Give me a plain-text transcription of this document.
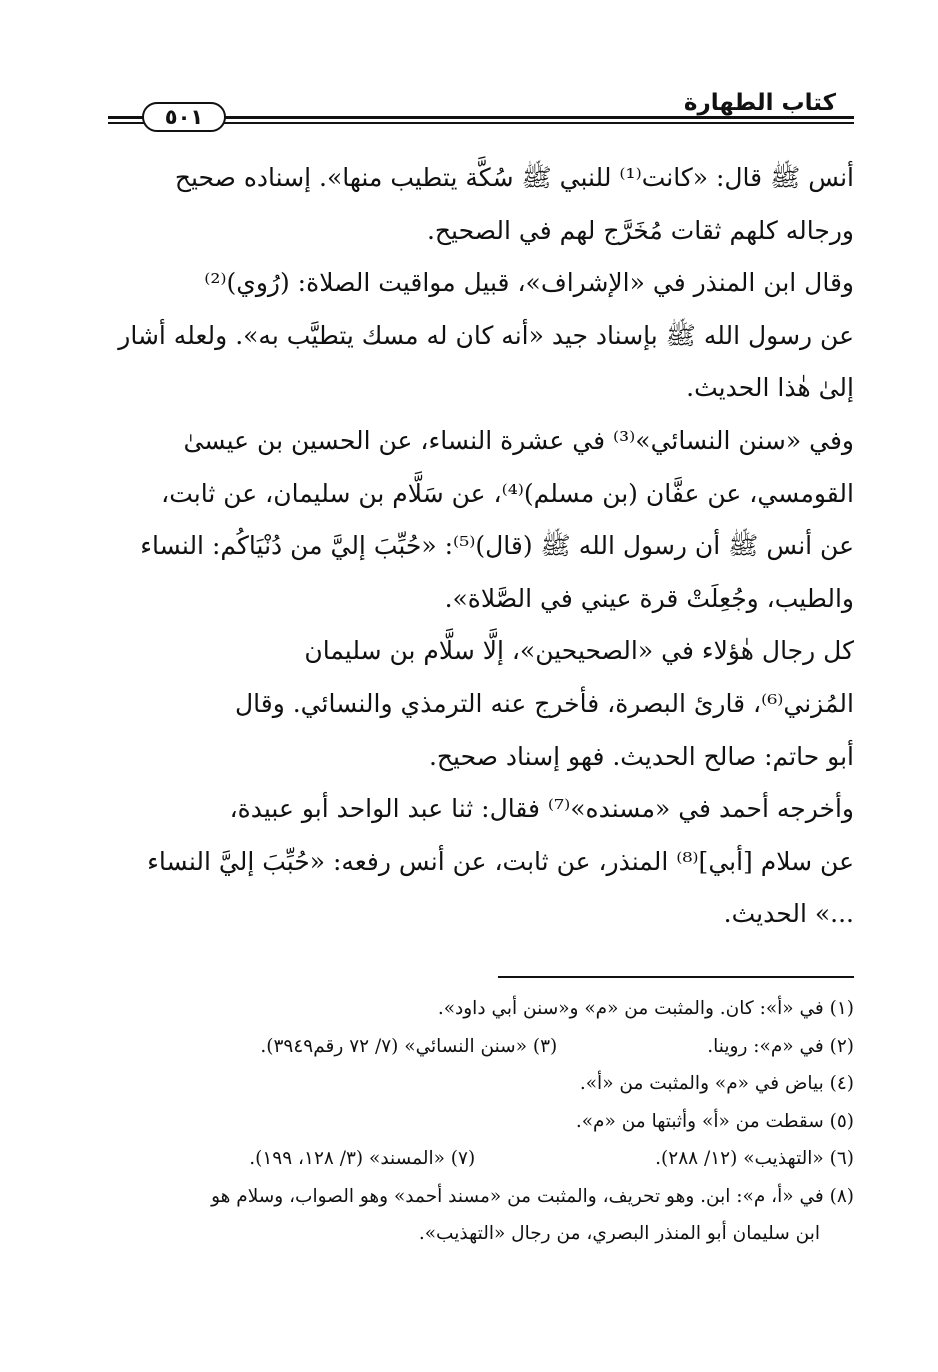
كتاب الطهارة
٥٠١
أنس ﷺ قال: «كانت⁽¹⁾ للنبي ﷺ سُكَّة يتطيب منها». إسناده صحيح
ورجاله كلهم ثقات مُخَرَّج لهم في الصحيح.
وقال ابن المنذر في «الإشراف»، قبيل مواقيت الصلاة: (رُوي)⁽²⁾
عن رسول الله ﷺ بإسناد جيد «أنه كان له مسك يتطيَّب به». ولعله أشار
إلىٰ هٰذا الحديث.
وفي «سنن النسائي»⁽³⁾ في عشرة النساء، عن الحسين بن عيسىٰ
القومسي، عن عفَّان (بن مسلم)⁽⁴⁾، عن سَلَّام بن سليمان، عن ثابت،
عن أنس ﷺ أن رسول الله ﷺ (قال)⁽⁵⁾: «حُبِّبَ إليَّ من دُنْيَاكُم: النساء
والطيب، وجُعِلَتْ قرة عيني في الصَّلاة».
كل رجال هٰؤلاء في «الصحيحين»، إلَّا سلَّام بن سليمان
المُزني⁽⁶⁾، قارئ البصرة، فأخرج عنه الترمذي والنسائي. وقال
أبو حاتم: صالح الحديث. فهو إسناد صحيح.
وأخرجه أحمد في «مسنده»⁽⁷⁾ فقال: ثنا عبد الواحد أبو عبيدة،
عن سلام [أبي]⁽⁸⁾ المنذر، عن ثابت، عن أنس رفعه: «حُبِّبَ إليَّ النساء
...» الحديث.
(١) في «أ»: كان. والمثبت من «م» و«سنن أبي داود».
(٢) في «م»: روينا.(٣) «سنن النسائي» (٧/ ٧٢ رقم٣٩٤٩).
(٤) بياض في «م» والمثبت من «أ».
(٥) سقطت من «أ» وأثبتها من «م».
(٦) «التهذيب» (١٢/ ٢٨٨).(٧) «المسند» (٣/ ١٢٨، ١٩٩).
(٨) في «أ، م»: ابن. وهو تحريف، والمثبت من «مسند أحمد» وهو الصواب، وسلام هو
ابن سليمان أبو المنذر البصري، من رجال «التهذيب».
